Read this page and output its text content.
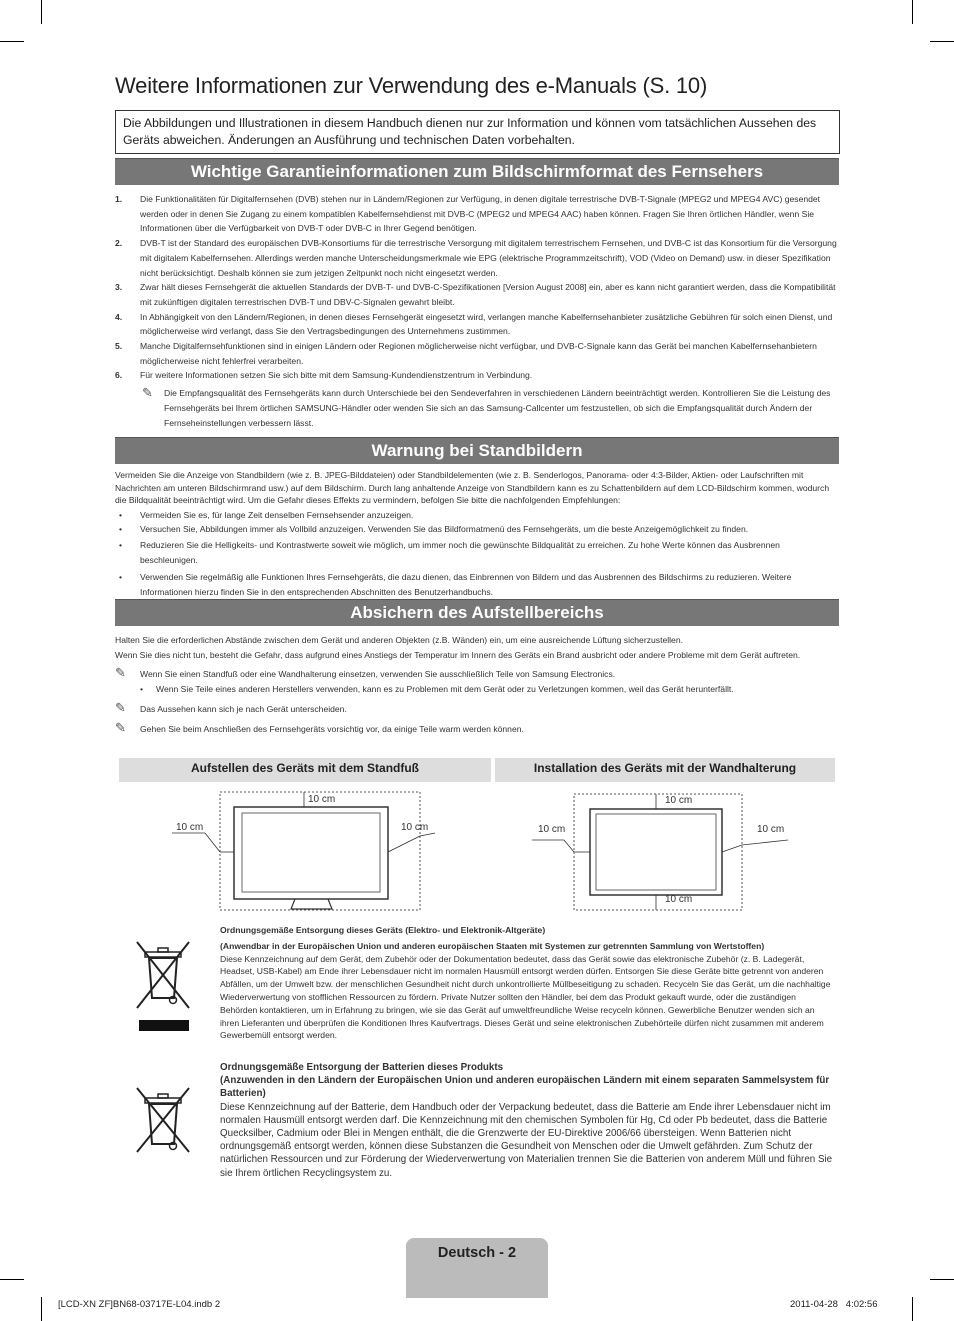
Weitere Informationen zur Verwendung des e-Manuals (S. 10)
Die Abbildungen und Illustrationen in diesem Handbuch dienen nur zur Information und können vom tatsächlichen Aussehen des Geräts abweichen. Änderungen an Ausführung und technischen Daten vorbehalten.
Wichtige Garantieinformationen zum Bildschirmformat des Fernsehers
1. Die Funktionalitäten für Digitalfernsehen (DVB) stehen nur in Ländern/Regionen zur Verfügung, in denen digitale terrestrische DVB-T-Signale (MPEG2 und MPEG4 AVC) gesendet werden oder in denen Sie Zugang zu einem kompatiblen Kabelfernsehdienst mit DVB-C (MPEG2 und MPEG4 AAC) haben können. Fragen Sie Ihren örtlichen Händler, wenn Sie Informationen über die Verfügbarkeit von DVB-T oder DVB-C in Ihrer Gegend benötigen.
2. DVB-T ist der Standard des europäischen DVB-Konsortiums für die terrestrische Versorgung mit digitalem terrestrischem Fernsehen, und DVB-C ist das Konsortium für die Versorgung mit digitalem Kabelfernsehen. Allerdings werden manche Unterscheidungsmerkmale wie EPG (elektrische Programmzeitschrift), VOD (Video on Demand) usw. in dieser Spezifikation nicht berücksichtigt. Deshalb können sie zum jetzigen Zeitpunkt noch nicht eingesetzt werden.
3. Zwar hält dieses Fernsehgerät die aktuellen Standards der DVB-T- und DVB-C-Spezifikationen [Version August 2008] ein, aber es kann nicht garantiert werden, dass die Kompatibilität mit zukünftigen digitalen terrestrischen DVB-T und DBV-C-Signalen gewahrt bleibt.
4. In Abhängigkeit von den Ländern/Regionen, in denen dieses Fernsehgerät eingesetzt wird, verlangen manche Kabelfernsehanbieter zusätzliche Gebühren für solch einen Dienst, und möglicherweise wird verlangt, dass Sie den Vertragsbedingungen des Unternehmens zustimmen.
5. Manche Digitalfernsehfunktionen sind in einigen Ländern oder Regionen möglicherweise nicht verfügbar, und DVB-C-Signale kann das Gerät bei manchen Kabelfernsehanbietern möglicherweise nicht fehlerfrei verarbeiten.
6. Für weitere Informationen setzen Sie sich bitte mit dem Samsung-Kundendienstzentrum in Verbindung.
✎ Die Empfangsqualität des Fernsehgeräts kann durch Unterschiede bei den Sendeverfahren in verschiedenen Ländern beeinträchtigt werden. Kontrollieren Sie die Leistung des Fernsehgeräts bei Ihrem örtlichen SAMSUNG-Händler oder wenden Sie sich an das Samsung-Callcenter um festzustellen, ob sich die Empfangsqualität durch Ändern der Fernseheinstellungen verbessern lässt.
Warnung bei Standbildern
Vermeiden Sie die Anzeige von Standbildern (wie z. B. JPEG-Bilddateien) oder Standbildelementen (wie z. B. Senderlogos, Panorama- oder 4:3-Bilder, Aktien- oder Laufschriften mit Nachrichten am unteren Bildschirmrand usw.) auf dem Bildschirm. Durch lang anhaltende Anzeige von Standbildern kann es zu Schattenbildern auf dem LCD-Bildschirm kommen, wodurch die Bildqualität beeinträchtigt wird. Um die Gefahr dieses Effekts zu vermindern, befolgen Sie bitte die nachfolgenden Empfehlungen:
• Vermeiden Sie es, für lange Zeit denselben Fernsehsender anzuzeigen.
• Versuchen Sie, Abbildungen immer als Vollbild anzuzeigen. Verwenden Sie das Bildformatmenü des Fernsehgeräts, um die beste Anzeigemöglichkeit zu finden.
• Reduzieren Sie die Helligkeits- und Kontrastwerte soweit wie möglich, um immer noch die gewünschte Bildqualität zu erreichen. Zu hohe Werte können das Ausbrennen beschleunigen.
• Verwenden Sie regelmäßig alle Funktionen Ihres Fernsehgeräts, die dazu dienen, das Einbrennen von Bildern und das Ausbrennen des Bildschirms zu reduzieren. Weitere Informationen hierzu finden Sie in den entsprechenden Abschnitten des Benutzerhandbuchs.
Absichern des Aufstellbereichs
Halten Sie die erforderlichen Abstände zwischen dem Gerät und anderen Objekten (z.B. Wänden) ein, um eine ausreichende Lüftung sicherzustellen.
Wenn Sie dies nicht tun, besteht die Gefahr, dass aufgrund eines Anstiegs der Temperatur im Innern des Geräts ein Brand ausbricht oder andere Probleme mit dem Gerät auftreten.
✎ Wenn Sie einen Standfuß oder eine Wandhalterung einsetzen, verwenden Sie ausschließlich Teile von Samsung Electronics.
• Wenn Sie Teile eines anderen Herstellers verwenden, kann es zu Problemen mit dem Gerät oder zu Verletzungen kommen, weil das Gerät herunterfällt.
✎ Das Aussehen kann sich je nach Gerät unterscheiden.
✎ Gehen Sie beim Anschließen des Fernsehgeräts vorsichtig vor, da einige Teile warm werden können.
Aufstellen des Geräts mit dem Standfuß	Installation des Geräts mit der Wandhalterung
10 cm
10 cm	10 cm
10 cm
10 cm	10 cm
10 cm
Ordnungsgemäße Entsorgung dieses Geräts (Elektro- und Elektronik-Altgeräte)
(Anwendbar in der Europäischen Union und anderen europäischen Staaten mit Systemen zur getrennten Sammlung von Wertstoffen)
Diese Kennzeichnung auf dem Gerät, dem Zubehör oder der Dokumentation bedeutet, dass das Gerät sowie das elektronische Zubehör (z. B. Ladegerät, Headset, USB-Kabel) am Ende ihrer Lebensdauer nicht im normalen Hausmüll entsorgt werden dürfen. Entsorgen Sie diese Geräte bitte getrennt von anderen Abfällen, um der Umwelt bzw. der menschlichen Gesundheit nicht durch unkontrollierte Müllbeseitigung zu schaden. Recyceln Sie das Gerät, um die nachhaltige Wiederverwertung von stofflichen Ressourcen zu fördern. Private Nutzer sollten den Händler, bei dem das Produkt gekauft wurde, oder die zuständigen Behörden kontaktieren, um in Erfahrung zu bringen, wie sie das Gerät auf umweltfreundliche Weise recyceln können. Gewerbliche Benutzer wenden sich an ihren Lieferanten und überprüfen die Konditionen Ihres Kaufvertrags. Dieses Gerät und seine elektronischen Zubehörteile dürfen nicht zusammen mit anderem Gewerbemüll entsorgt werden.
Ordnungsgemäße Entsorgung der Batterien dieses Produkts
(Anzuwenden in den Ländern der Europäischen Union und anderen europäischen Ländern mit einem separaten Sammelsystem für Batterien)
Diese Kennzeichnung auf der Batterie, dem Handbuch oder der Verpackung bedeutet, dass die Batterie am Ende ihrer Lebensdauer nicht im normalen Hausmüll entsorgt werden darf. Die Kennzeichnung mit den chemischen Symbolen für Hg, Cd oder Pb bedeutet, dass die Batterie Quecksilber, Cadmium oder Blei in Mengen enthält, die die Grenzwerte der EU-Direktive 2006/66 übersteigen. Wenn Batterien nicht ordnungsgemäß entsorgt werden, können diese Substanzen die Gesundheit von Menschen oder die Umwelt gefährden. Zum Schutz der natürlichen Ressourcen und zur Förderung der Wiederverwertung von Materialien trennen Sie die Batterien von anderem Müll und führen Sie sie Ihrem örtlichen Recyclingsystem zu.
Deutsch - 2
[LCD-XN ZF]BN68-03717E-L04.indb 2	2011-04-28   4:02:56
